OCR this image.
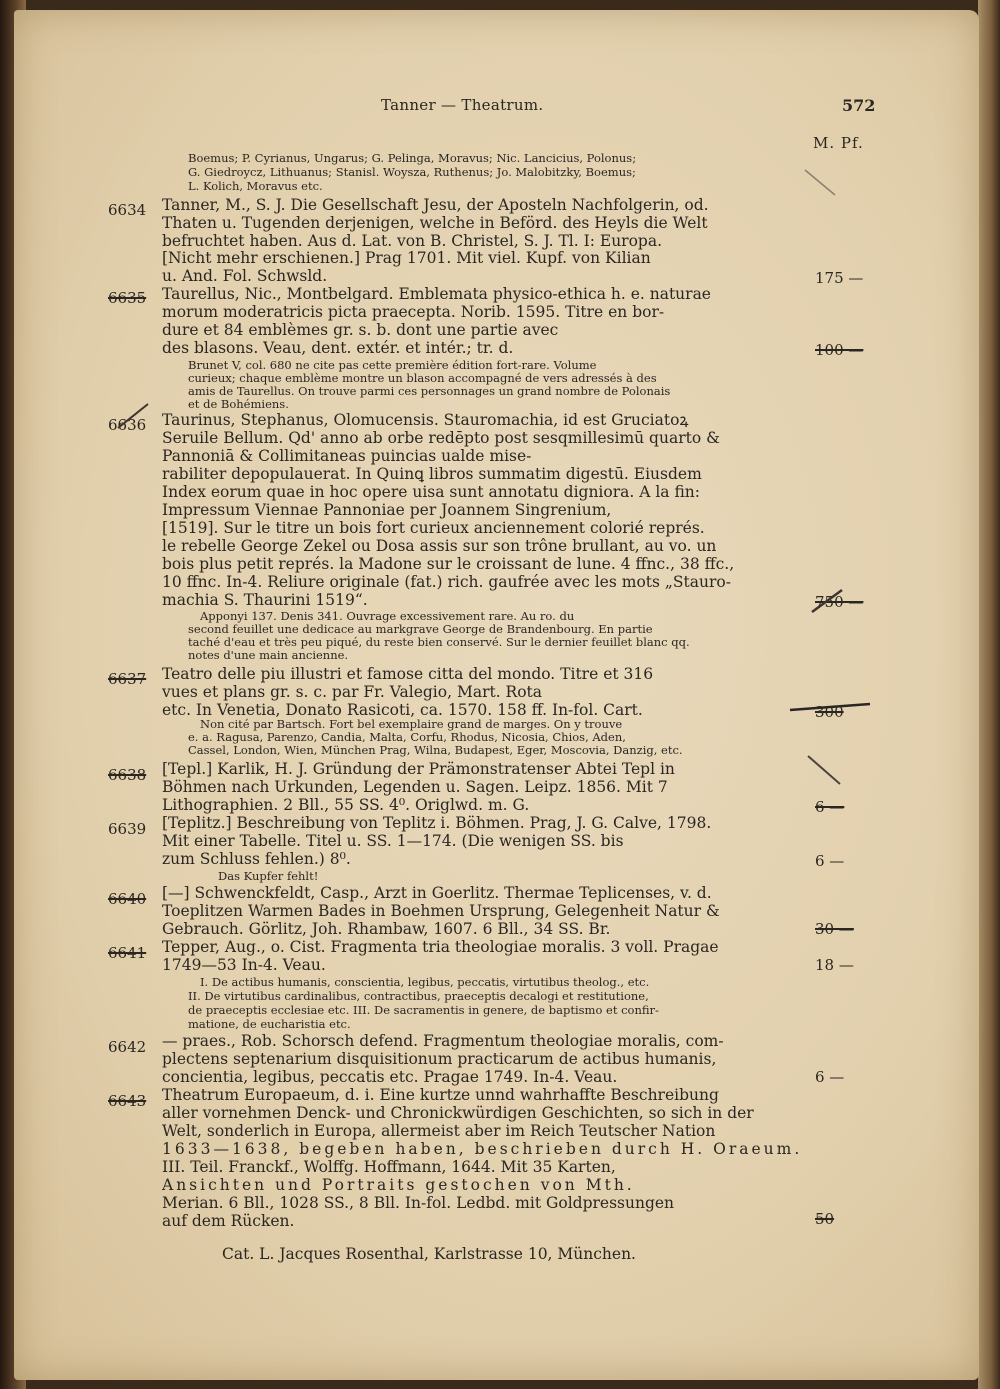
Tanner — Theatrum.	572
M. Pf.
Boemus; P. Cyrianus, Ungarus; G. Pelinga, Moravus; Nic. Lancicius, Polonus;
G. Giedroycz, Lithuanus; Stanisl. Woysza, Ruthenus; Jo. Malobitzky, Boemus;
L. Kolich, Moravus etc.
6634 Tanner, M., S. J. Die Gesellschaft Jesu, der Aposteln Nachfolgerin, od.
Thaten u. Tugenden derjenigen, welche in Beförd. des Heyls die Welt
befruchtet haben. Aus d. Lat. von B. Christel, S. J. Tl. I: Europa.
[Nicht mehr erschienen.] Prag 1701. Mit viel. Kupf. von Kilian
u. And. Fol. Schwsld.	175 —
6635 Taurellus, Nic., Montbelgard. Emblemata physico-ethica h. e. naturae
morum moderatricis picta praecepta. Norib. 1595. Titre en bor-
dure et 84 emblèmes gr. s. b. dont une partie avec
des blasons. Veau, dent. extér. et intér.; tr. d.	100 —
Brunet V, col. 680 ne cite pas cette première édition fort-rare. Volume
curieux; chaque emblème montre un blason accompagné de vers adressés à des
amis de Taurellus. On trouve parmi ces personnages un grand nombre de Polonais
et de Bohémiens.
6636 Taurinus, Stephanus, Olomucensis. Stauromachia, id est Gruciatoꝝ
Seruile Bellum. Qd' anno ab orbe redēpto post sesqmillesimū quarto &
Pannoniā & Collimitaneas puincias ualde mise-
rabiliter depopulauerat. In Quinꝗ libros summatim digestū. Eiusdem
Index eorum quae in hoc opere uisa sunt annotatu digniora. A la fin:
Impressum Viennae Pannoniae per Joannem Singrenium,
[1519]. Sur le titre un bois fort curieux anciennement colorié représ.
le rebelle George Zekel ou Dosa assis sur son trône brullant, au vo. un
bois plus petit représ. la Madone sur le croissant de lune. 4 ffnc., 38 ffc.,
10 ffnc. In-4. Reliure originale (fat.) rich. gaufrée avec les mots „Stauro-
machia S. Thaurini 1519“.	750 —
Apponyi 137. Denis 341. Ouvrage excessivement rare. Au ro. du
second feuillet une dedicace au markgrave George de Brandenbourg. En partie
taché d'eau et très peu piqué, du reste bien conservé. Sur le dernier feuillet blanc qq.
notes d'une main ancienne.
6637 Teatro delle piu illustri et famose citta del mondo. Titre et 316
vues et plans gr. s. c. par Fr. Valegio, Mart. Rota
etc. In Venetia, Donato Rasicoti, ca. 1570. 158 ff. In-fol. Cart.	300
Non cité par Bartsch. Fort bel exemplaire grand de marges. On y trouve
e. a. Ragusa, Parenzo, Candia, Malta, Corfu, Rhodus, Nicosia, Chios, Aden,
Cassel, London, Wien, München Prag, Wilna, Budapest, Eger, Moscovia, Danzig, etc.
6638 [Tepl.] Karlik, H. J. Gründung der Prämonstratenser Abtei Tepl in
Böhmen nach Urkunden, Legenden u. Sagen. Leipz. 1856. Mit 7
Lithographien. 2 Bll., 55 SS. 4⁰. Origlwd. m. G.	6 —
6639 [Teplitz.] Beschreibung von Teplitz i. Böhmen. Prag, J. G. Calve, 1798.
Mit einer Tabelle. Titel u. SS. 1—174. (Die wenigen SS. bis
zum Schluss fehlen.) 8⁰.	6 —
Das Kupfer fehlt!
6640 [—] Schwenckfeldt, Casp., Arzt in Goerlitz. Thermae Teplicenses, v. d.
Toeplitzen Warmen Bades in Boehmen Ursprung, Gelegenheit Natur &
Gebrauch. Görlitz, Joh. Rhambaw, 1607. 6 Bll., 34 SS. Br.	30 —
6641 Tepper, Aug., o. Cist. Fragmenta tria theologiae moralis. 3 voll. Pragae
1749—53 In-4. Veau.	18 —
I. De actibus humanis, conscientia, legibus, peccatis, virtutibus theolog., etc.
II. De virtutibus cardinalibus, contractibus, praeceptis decalogi et restitutione,
de praeceptis ecclesiae etc. III. De sacramentis in genere, de baptismo et confir-
matione, de eucharistia etc.
6642 — praes., Rob. Schorsch defend. Fragmentum theologiae moralis, com-
plectens septenarium disquisitionum practicarum de actibus humanis,
concientia, legibus, peccatis etc. Pragae 1749. In-4. Veau.	6 —
6643 Theatrum Europaeum, d. i. Eine kurtze unnd wahrhaffte Beschreibung
aller vornehmen Denck- und Chronickwürdigen Geschichten, so sich in der
Welt, sonderlich in Europa, allermeist aber im Reich Teutscher Nation
1633—1638, begeben haben, beschrieben durch H. Oraeum.
III. Teil. Franckf., Wolffg. Hoffmann, 1644. Mit 35 Karten,
Ansichten und Portraits gestochen von Mth.
Merian. 6 Bll., 1028 SS., 8 Bll. In-fol. Ledbd. mit Goldpressungen
auf dem Rücken.	50
Cat. L. Jacques Rosenthal, Karlstrasse 10, München.
